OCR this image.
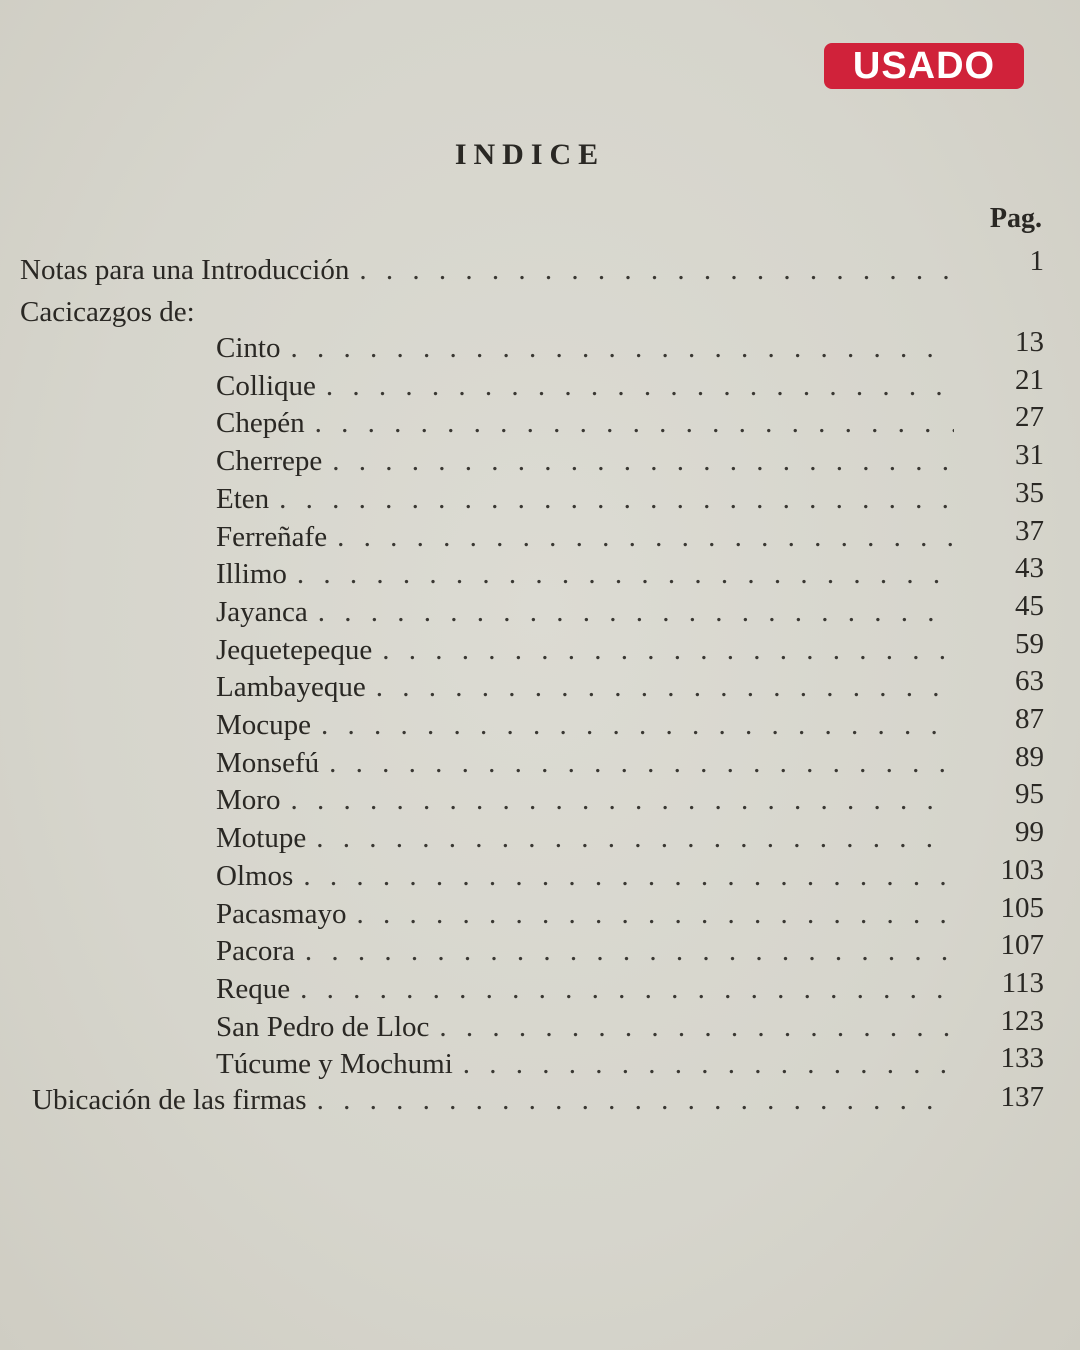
USADO
INDICE
Pag.
Notas para una Introducción . . .	1
Cacicazgos de:
Cinto . . .	13
Collique . . .	21
Chepén . . .	27
Cherrepe . . .	31
Eten . . .	35
Ferreñafe . . .	37
Illimo . . .	43
Jayanca . . .	45
Jequetepeque . . .	59
Lambayeque . . .	63
Mocupe . . .	87
Monsefú . . .	89
Moro . . .	95
Motupe . . .	99
Olmos . . .	103
Pacasmayo . . .	105
Pacora . . .	107
Reque . . .	113
San Pedro de Lloc . . .	123
Túcume y Mochumi . . .	133
Ubicación de las firmas . . .	137
